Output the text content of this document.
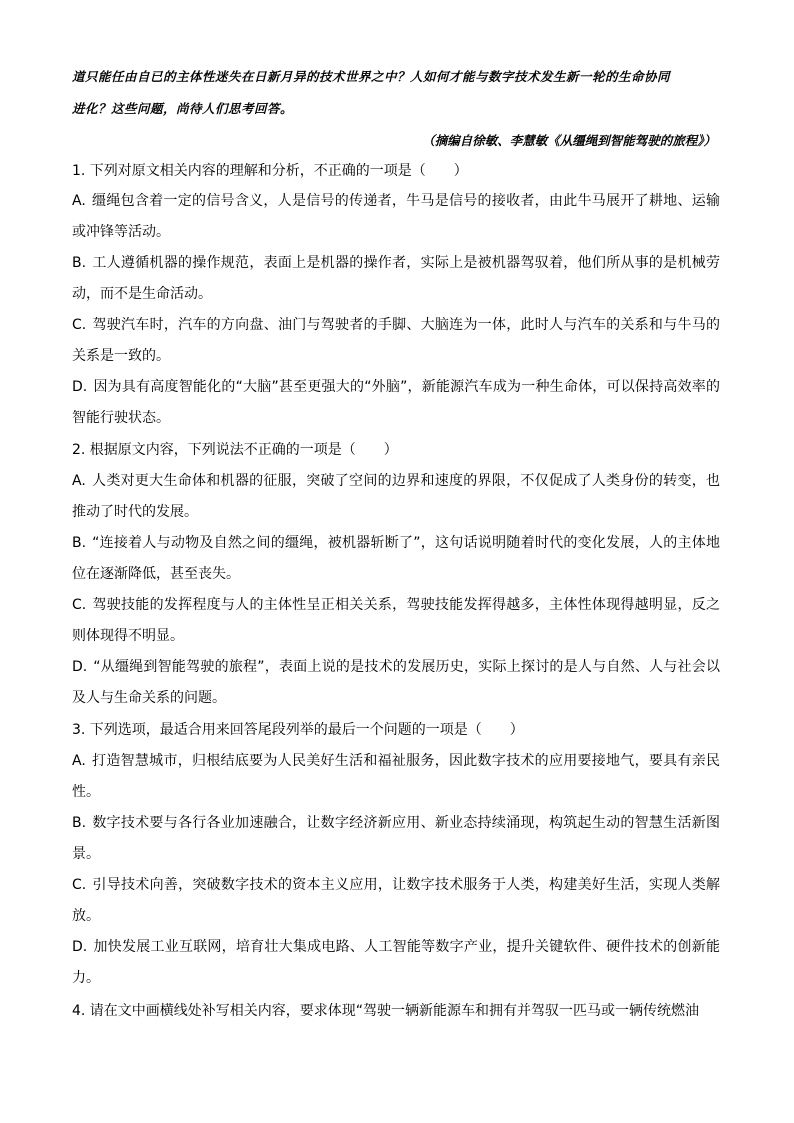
道只能任由自已的主体性迷失在日新月异的技术世界之中？人如何才能与数字技术发生新一轮的生命协同
进化？这些问题，尚待人们思考回答。
（摘编自徐敏、李慧敏《从缰绳到智能驾驶的旅程》）
1. 下列对原文相关内容的理解和分析，不正确的一项是（　　）
A. 缰绳包含着一定的信号含义，人是信号的传递者，牛马是信号的接收者，由此牛马展开了耕地、运输或冲锋等活动。
B. 工人遵循机器的操作规范，表面上是机器的操作者，实际上是被机器驾驭着，他们所从事的是机械劳动，而不是生命活动。
C. 驾驶汽车时，汽车的方向盘、油门与驾驶者的手脚、大脑连为一体，此时人与汽车的关系和与牛马的关系是一致的。
D. 因为具有高度智能化的“大脑”甚至更强大的“外脑”，新能源汽车成为一种生命体，可以保持高效率的智能行驶状态。
2. 根据原文内容，下列说法不正确的一项是（　　）
A. 人类对更大生命体和机器的征服，突破了空间的边界和速度的界限，不仅促成了人类身份的转变，也推动了时代的发展。
B. “连接着人与动物及自然之间的缰绳，被机器斩断了”，这句话说明随着时代的变化发展，人的主体地位在逐渐降低，甚至丧失。
C. 驾驶技能的发挥程度与人的主体性呈正相关关系，驾驶技能发挥得越多，主体性体现得越明显，反之则体现得不明显。
D. “从缰绳到智能驾驶的旅程”，表面上说的是技术的发展历史，实际上探讨的是人与自然、人与社会以及人与生命关系的问题。
3. 下列选项，最适合用来回答尾段列举的最后一个问题的一项是（　　）
A. 打造智慧城市，归根结底要为人民美好生活和福祉服务，因此数字技术的应用要接地气，要具有亲民性。
B. 数字技术要与各行各业加速融合，让数字经济新应用、新业态持续涌现，构筑起生动的智慧生活新图景。
C. 引导技术向善，突破数字技术的资本主义应用，让数字技术服务于人类，构建美好生活，实现人类解放。
D. 加快发展工业互联网，培育壮大集成电路、人工智能等数字产业，提升关键软件、硬件技术的创新能力。
4. 请在文中画横线处补写相关内容，要求体现“驾驶一辆新能源车和拥有并驾驭一匹马或一辆传统燃油
